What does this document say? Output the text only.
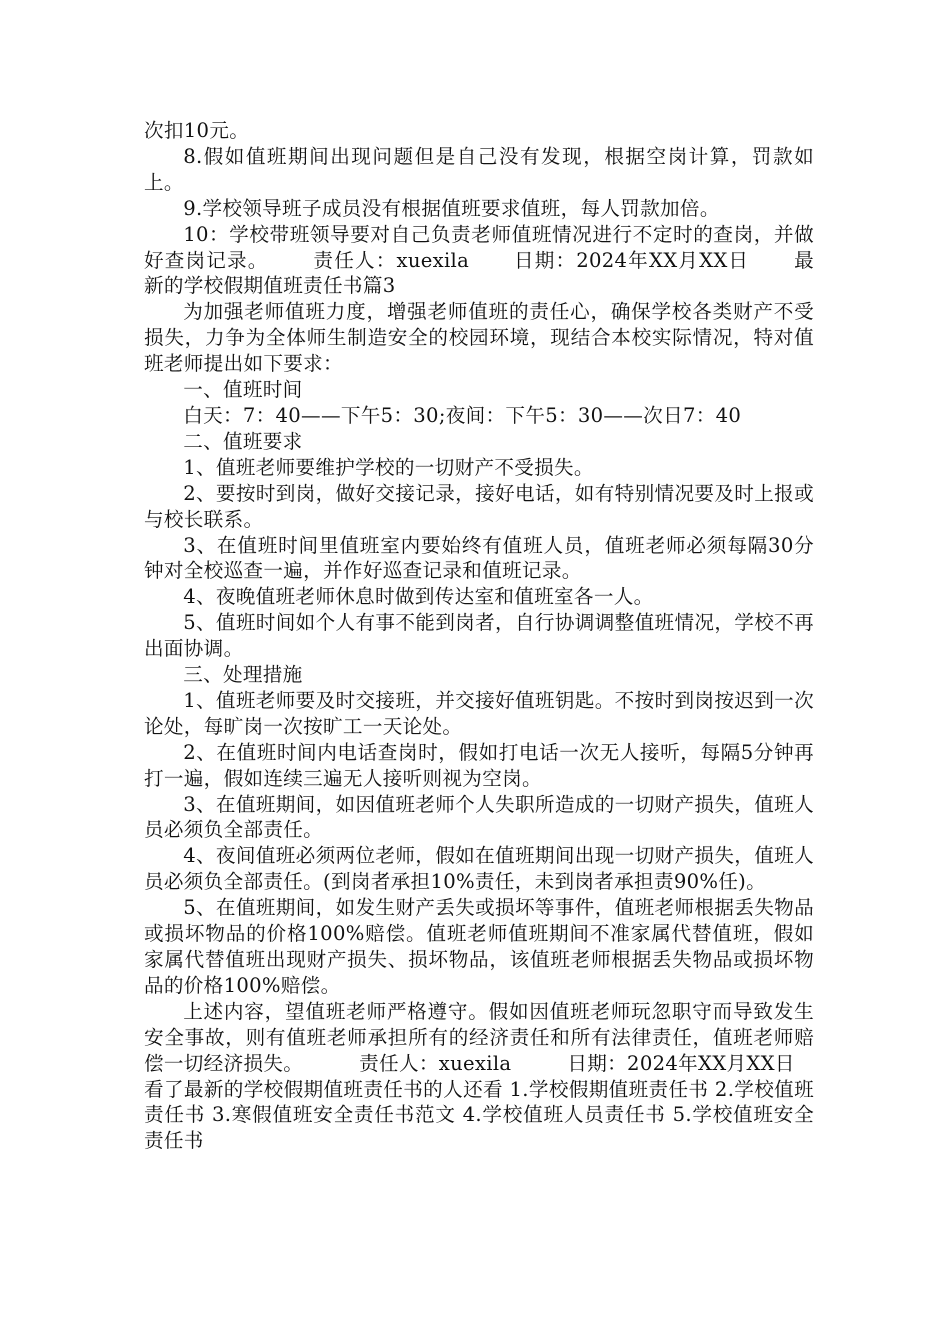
次扣10元。

8.假如值班期间出现问题但是自己没有发现，根据空岗计算，罚款如上。

9.学校领导班子成员没有根据值班要求值班，每人罚款加倍。

10：学校带班领导要对自己负责老师值班情况进行不定时的查岗，并做好查岗记录。 责任人：xuexila 日期：2024年XX月XX日 最新的学校假期值班责任书篇3

为加强老师值班力度，增强老师值班的责任心，确保学校各类财产不受损失，力争为全体师生制造安全的校园环境，现结合本校实际情况，特对值班老师提出如下要求：

一、值班时间

白天：7：40——下午5：30;夜间：下午5：30——次日7：40

二、值班要求

1、值班老师要维护学校的一切财产不受损失。

2、要按时到岗，做好交接记录，接好电话，如有特别情况要及时上报或与校长联系。

3、在值班时间里值班室内要始终有值班人员，值班老师必须每隔30分钟对全校巡查一遍，并作好巡查记录和值班记录。

4、夜晚值班老师休息时做到传达室和值班室各一人。

5、值班时间如个人有事不能到岗者，自行协调调整值班情况，学校不再出面协调。

三、处理措施

1、值班老师要及时交接班，并交接好值班钥匙。不按时到岗按迟到一次论处，每旷岗一次按旷工一天论处。

2、在值班时间内电话查岗时，假如打电话一次无人接听，每隔5分钟再打一遍，假如连续三遍无人接听则视为空岗。

3、在值班期间，如因值班老师个人失职所造成的一切财产损失，值班人员必须负全部责任。

4、夜间值班必须两位老师，假如在值班期间出现一切财产损失，值班人员必须负全部责任。(到岗者承担10%责任，未到岗者承担责90%任)。

5、在值班期间，如发生财产丢失或损坏等事件，值班老师根据丢失物品或损坏物品的价格100%赔偿。值班老师值班期间不准家属代替值班，假如家属代替值班出现财产损失、损坏物品，该值班老师根据丢失物品或损坏物品的价格100%赔偿。

上述内容，望值班老师严格遵守。假如因值班老师玩忽职守而导致发生安全事故，则有值班老师承担所有的经济责任和所有法律责任，值班老师赔偿一切经济损失。	责任人：xuexila	日期：2024年XX月XX日

看了最新的学校假期值班责任书的人还看 1.学校假期值班责任书 2.学校值班责任书 3.寒假值班安全责任书范文 4.学校值班人员责任书 5.学校值班安全责任书
